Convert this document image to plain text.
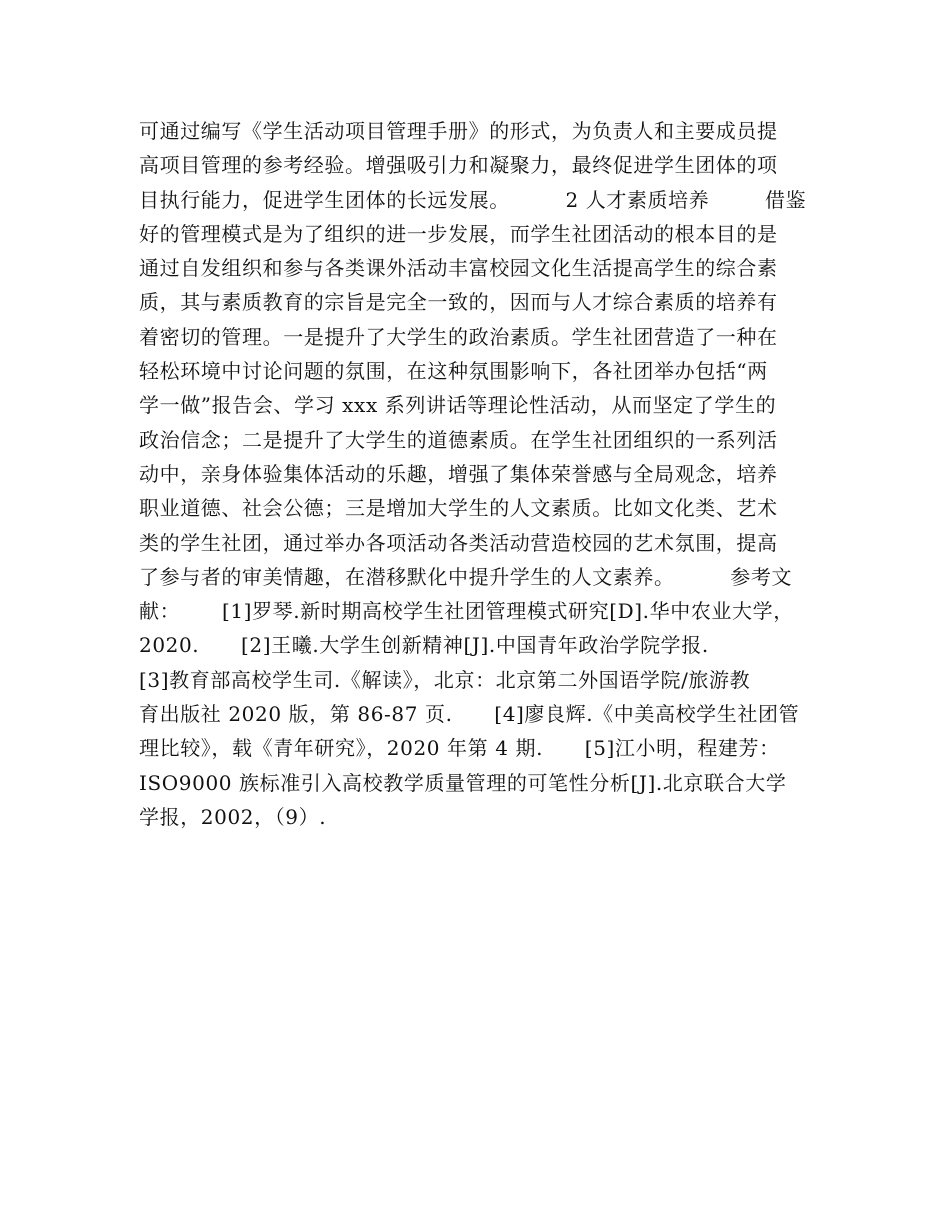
可通过编写《学生活动项目管理手册》的形式，为负责人和主要成员提
高项目管理的参考经验。增强吸引力和凝聚力，最终促进学生团体的项
目执行能力，促进学生团体的长远发展。        2 人才素质培养        借鉴
好的管理模式是为了组织的进一步发展，而学生社团活动的根本目的是
通过自发组织和参与各类课外活动丰富校园文化生活提高学生的综合素
质，其与素质教育的宗旨是完全一致的，因而与人才综合素质的培养有
着密切的管理。一是提升了大学生的政治素质。学生社团营造了一种在
轻松环境中讨论问题的氛围，在这种氛围影响下，各社团举办包括“两
学一做”报告会、学习 xxx 系列讲话等理论性活动，从而坚定了学生的
政治信念；二是提升了大学生的道德素质。在学生社团组织的一系列活
动中，亲身体验集体活动的乐趣，增强了集体荣誉感与全局观念，培养
职业道德、社会公德；三是增加大学生的人文素质。比如文化类、艺术
类的学生社团，通过举办各项活动各类活动营造校园的艺术氛围，提高
了参与者的审美情趣，在潜移默化中提升学生的人文素养。        参考文
献：      [1]罗琴.新时期高校学生社团管理模式研究[D].华中农业大学，
2020.      [2]王曦.大学生创新精神[J].中国青年政治学院学报.
[3]教育部高校学生司.《解读》，北京：北京第二外国语学院/旅游教
育出版社 2020 版，第 86-87 页.      [4]廖良辉.《中美高校学生社团管
理比较》，载《青年研究》，2020 年第 4 期.      [5]江小明，程建芳：
ISO9000 族标准引入高校教学质量管理的可笔性分析[J].北京联合大学
学报，2002，（9）.
